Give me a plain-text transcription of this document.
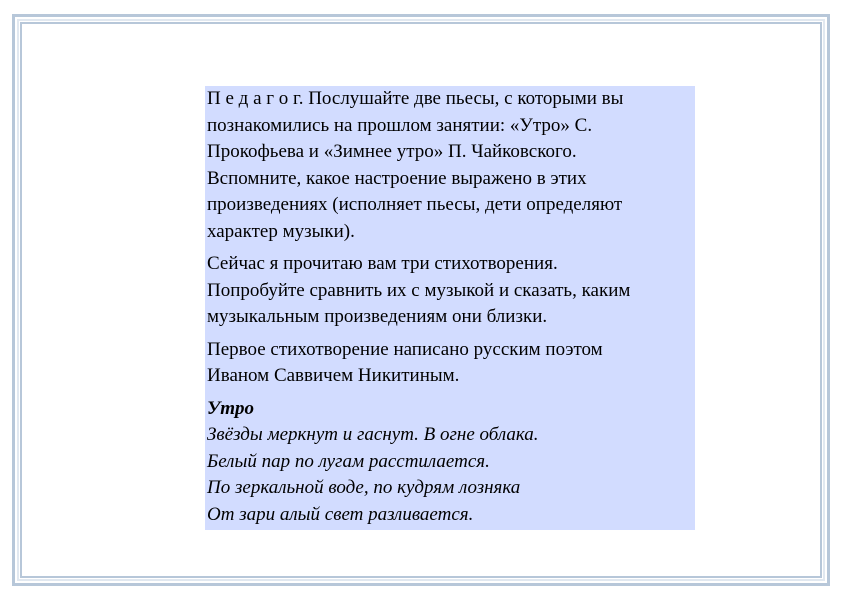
П е д а г о г. Послушайте две пьесы, с которыми вы
познакомились на прошлом занятии: «Утро» С.
Прокофьева и «Зимнее утро» П. Чайковского.
Вспомните, какое настроение выражено в этих
произведениях (исполняет пьесы, дети определяют
характер музыки).
Сейчас я прочитаю вам три стихотворения.
Попробуйте сравнить их с музыкой и сказать, каким
музыкальным произведениям они близки.
Первое стихотворение написано русским поэтом
Иваном Саввичем Никитиным.
Утро
Звёзды меркнут и гаснут. В огне облака.
Белый пар по лугам расстилается.
По зеркальной воде, по кудрям лозняка
От зари алый свет разливается.
